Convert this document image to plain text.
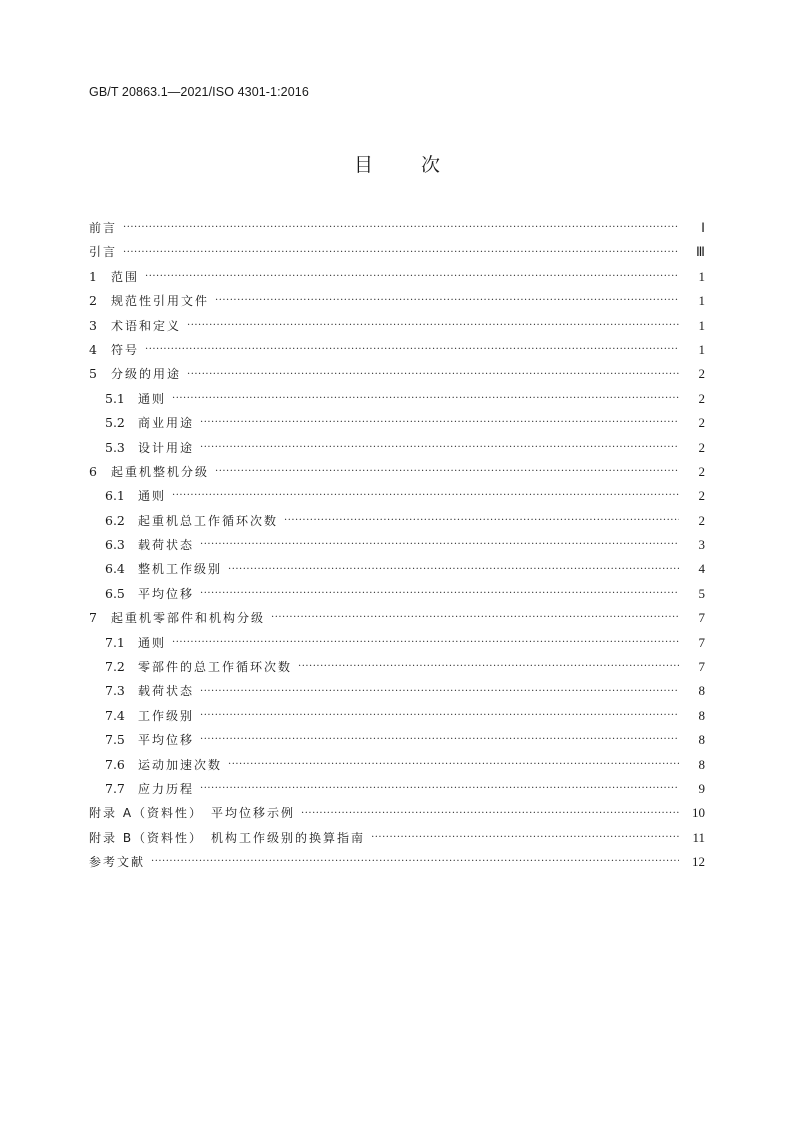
GB/T 20863.1—2021/ISO 4301-1:2016
目	次
前言 ·····	Ⅰ
引言 ·····	Ⅲ
1	范围 ·····	1
2	规范性引用文件 ·····	1
3	术语和定义 ·····	1
4	符号 ·····	1
5	分级的用途 ·····	2
5.1	通则 ·····	2
5.2	商业用途 ·····	2
5.3	设计用途 ·····	2
6	起重机整机分级 ·····	2
6.1	通则 ·····	2
6.2	起重机总工作循环次数 ·····	2
6.3	载荷状态 ·····	3
6.4	整机工作级别 ·····	4
6.5	平均位移 ·····	5
7	起重机零部件和机构分级 ·····	7
7.1	通则 ·····	7
7.2	零部件的总工作循环次数 ·····	7
7.3	载荷状态 ·····	8
7.4	工作级别 ·····	8
7.5	平均位移 ·····	8
7.6	运动加速次数 ·····	8
7.7	应力历程 ·····	9
附录 A（资料性）　平均位移示例 ·····	10
附录 B（资料性）　机构工作级别的换算指南 ·····	11
参考文献 ·····	12
